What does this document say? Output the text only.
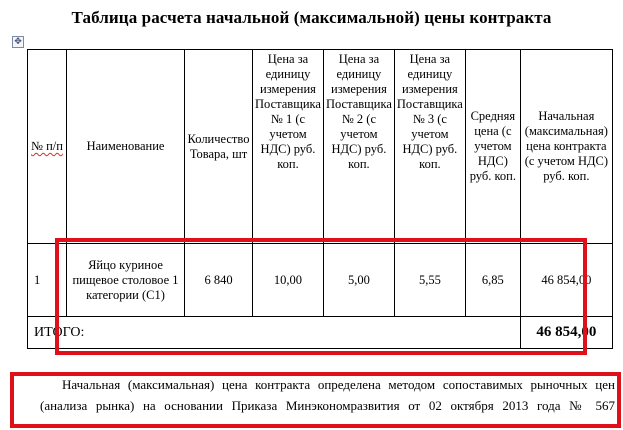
Таблица расчета начальной (максимальной) цены контракта
✥
№ п/п	Наименование	Количество Товара, шт	Цена за единицу измерения Поставщика № 1 (с учетом НДС) руб. коп.	Цена за единицу измерения Поставщика № 2 (с учетом НДС) руб. коп.	Цена за единицу измерения Поставщика № 3 (с учетом НДС) руб. коп.	Средняя цена (с учетом НДС) руб. коп.	Начальная (максимальная) цена контракта (с учетом НДС) руб. коп.
1	Яйцо куриное пищевое столовое 1 категории (С1)	6 840	10,00	5,00	5,55	6,85	46 854,00
ИТОГО:							46 854,00
Начальная (максимальная) цена контракта определена методом сопоставимых рыночных цен (анализа рынка) на основании Приказа Минэкономразвития от 02 октября 2013 года № 567
